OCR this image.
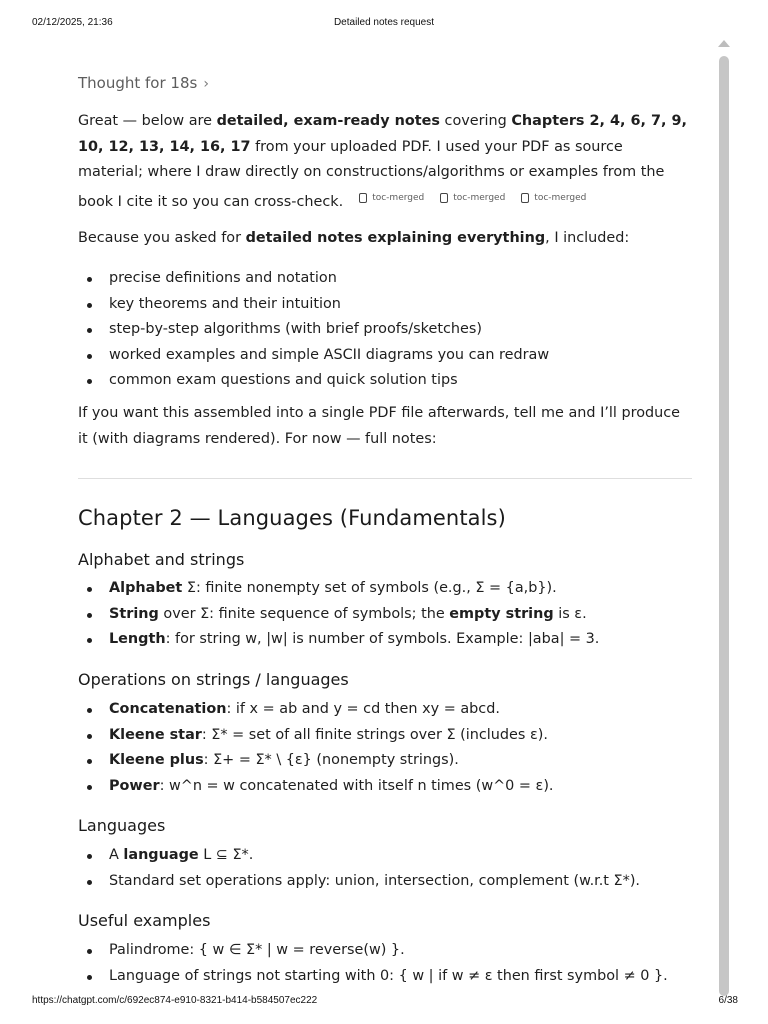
02/12/2025, 21:36	Detailed notes request
Thought for 18s ›
Great — below are detailed, exam-ready notes covering Chapters 2, 4, 6, 7, 9, 10, 12, 13, 14, 16, 17 from your uploaded PDF. I used your PDF as source material; where I draw directly on constructions/algorithms or examples from the book I cite it so you can cross-check.	toc-merged	toc-merged	toc-merged
Because you asked for detailed notes explaining everything, I included:
precise definitions and notation
key theorems and their intuition
step-by-step algorithms (with brief proofs/sketches)
worked examples and simple ASCII diagrams you can redraw
common exam questions and quick solution tips
If you want this assembled into a single PDF file afterwards, tell me and I’ll produce it (with diagrams rendered). For now — full notes:
Chapter 2 — Languages (Fundamentals)
Alphabet and strings
Alphabet Σ: finite nonempty set of symbols (e.g., Σ = {a,b}).
String over Σ: finite sequence of symbols; the empty string is ε.
Length: for string w, |w| is number of symbols. Example: |aba| = 3.
Operations on strings / languages
Concatenation: if x = ab and y = cd then xy = abcd.
Kleene star: Σ* = set of all finite strings over Σ (includes ε).
Kleene plus: Σ+ = Σ* \ {ε} (nonempty strings).
Power: w^n = w concatenated with itself n times (w^0 = ε).
Languages
A language L ⊆ Σ*.
Standard set operations apply: union, intersection, complement (w.r.t Σ*).
Useful examples
Palindrome: { w ∈ Σ* | w = reverse(w) }.
Language of strings not starting with 0: { w | if w ≠ ε then first symbol ≠ 0 }.
https://chatgpt.com/c/692ec874-e910-8321-b414-b584507ec222	6/38
